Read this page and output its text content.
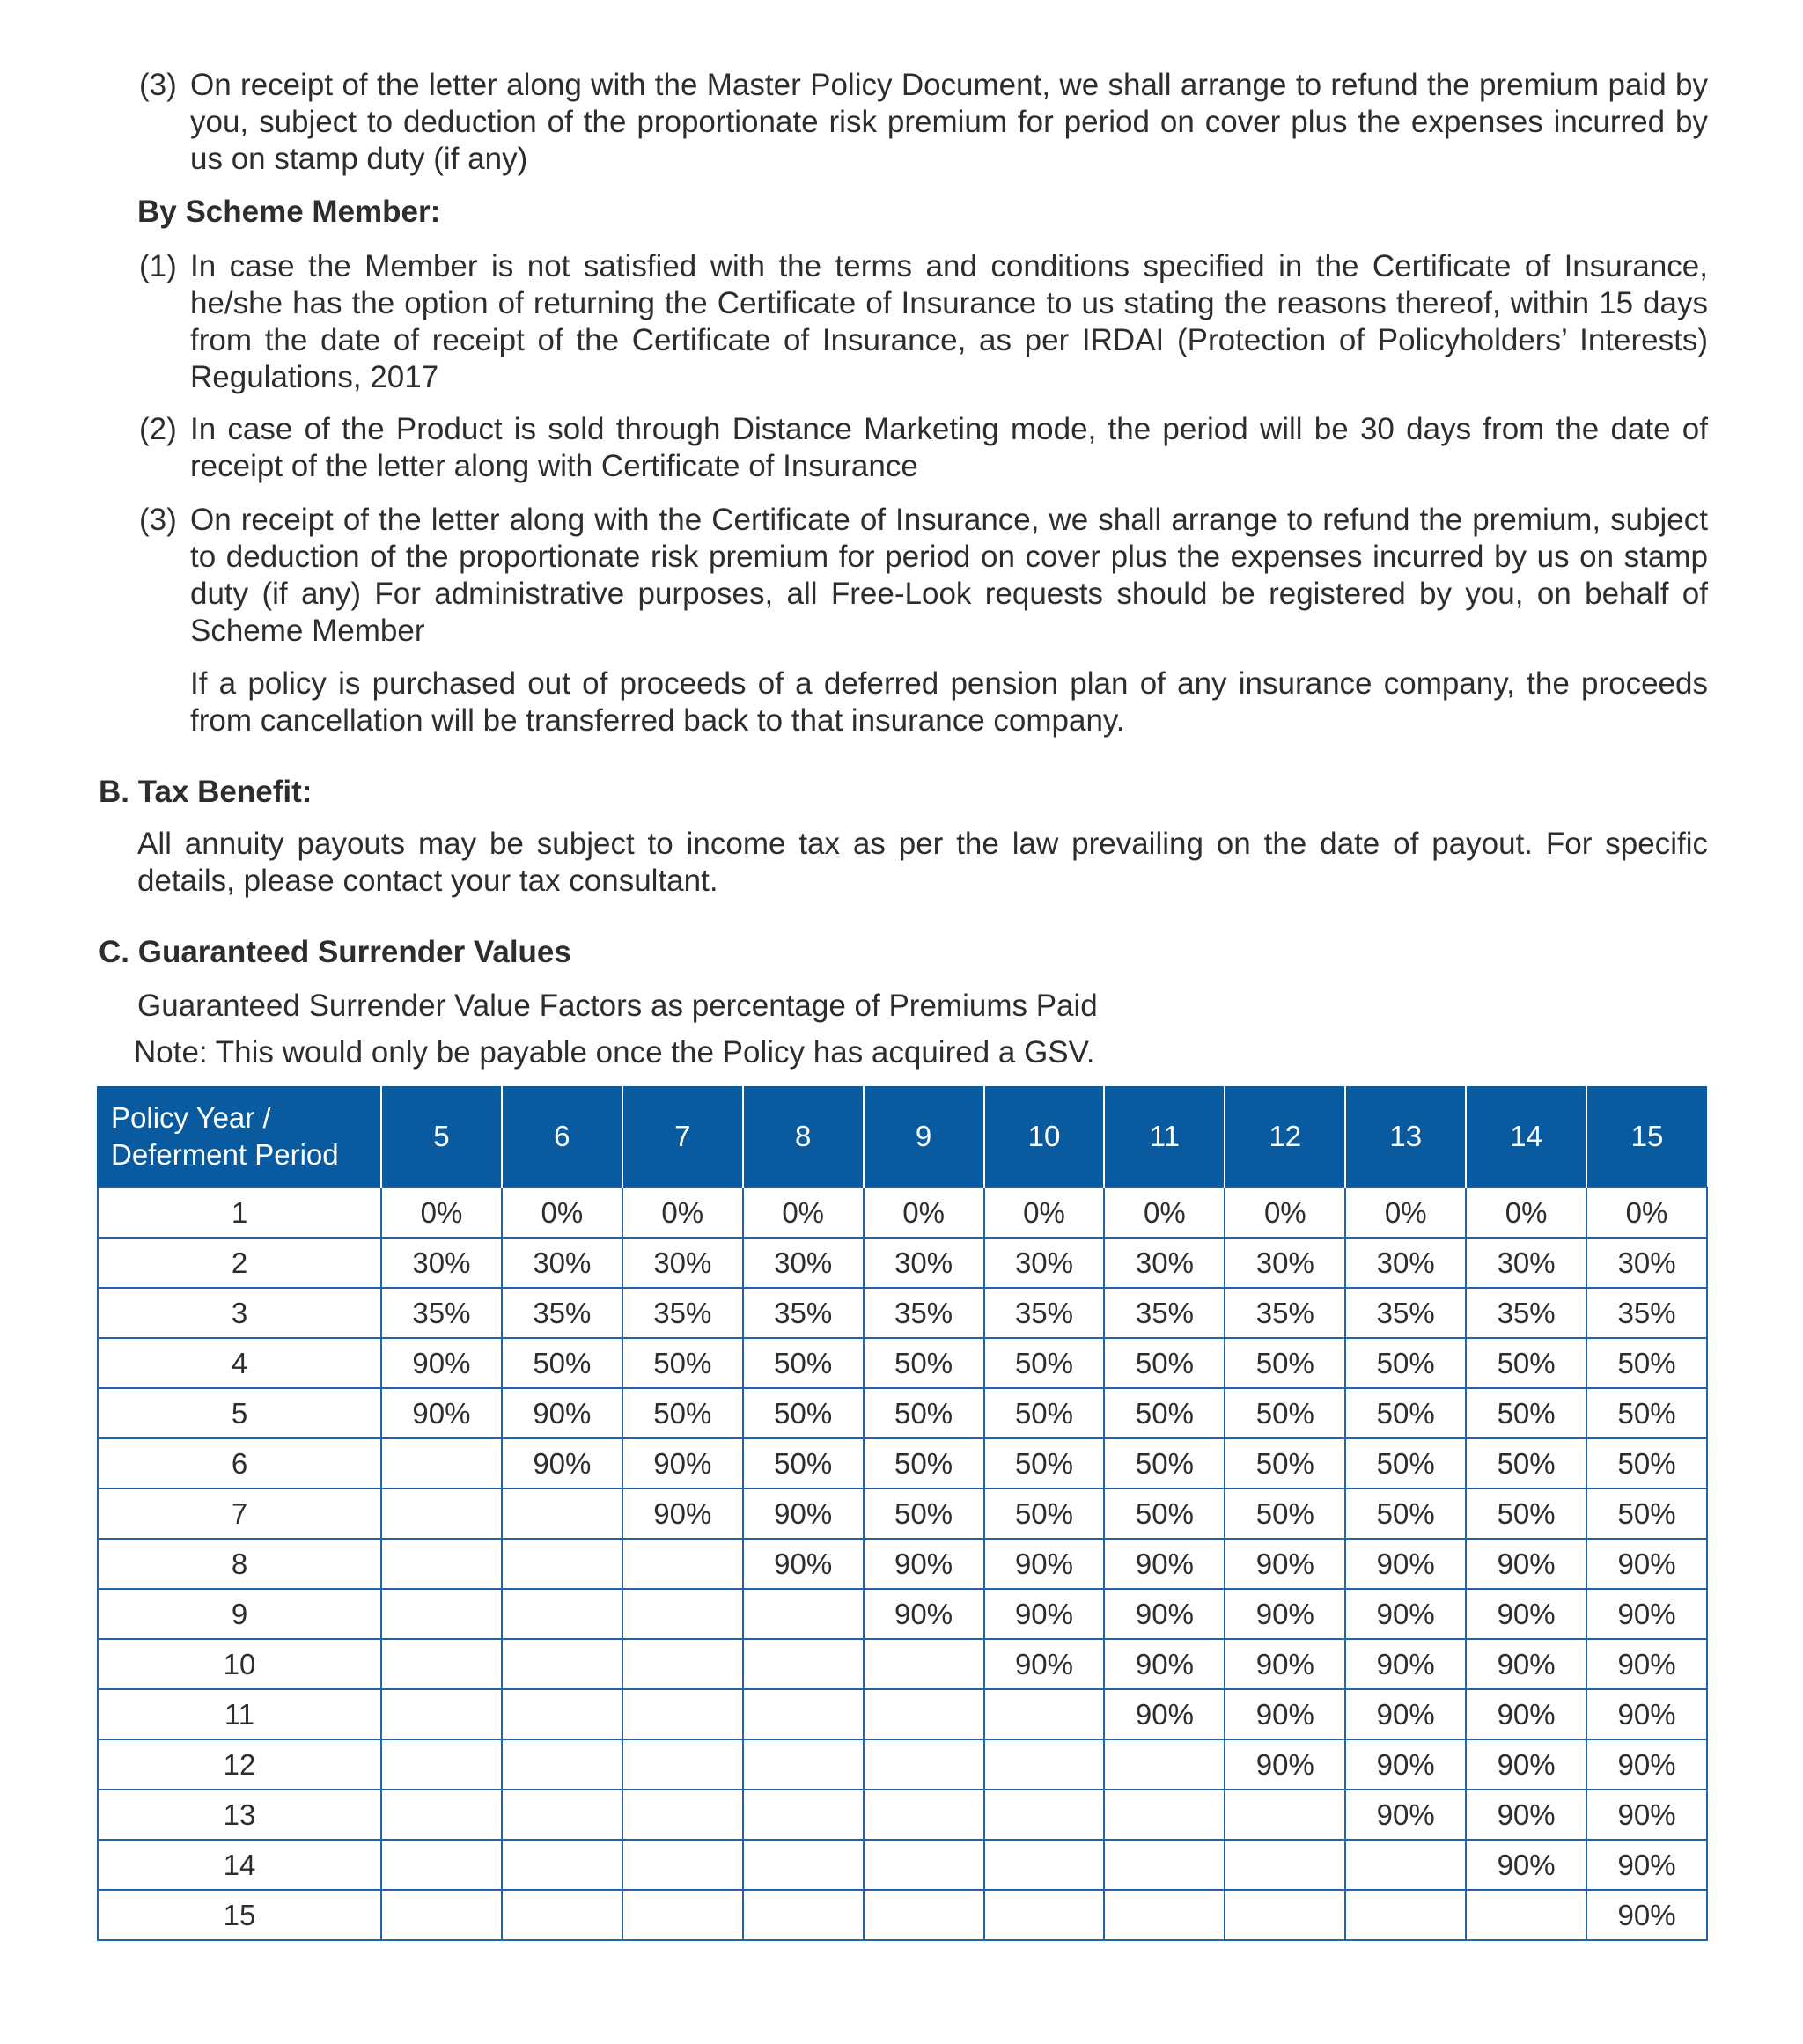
(3) On receipt of the letter along with the Master Policy Document, we shall arrange to refund the premium paid by you, subject to deduction of the proportionate risk premium for period on cover plus the expenses incurred by us on stamp duty (if any)
By Scheme Member:
(1) In case the Member is not satisfied with the terms and conditions specified in the Certificate of Insurance, he/she has the option of returning the Certificate of Insurance to us stating the reasons thereof, within 15 days from the date of receipt of the Certificate of Insurance, as per IRDAI (Protection of Policyholders’ Interests) Regulations, 2017
(2) In case of the Product is sold through Distance Marketing mode, the period will be 30 days from the date of receipt of the letter along with Certificate of Insurance
(3) On receipt of the letter along with the Certificate of Insurance, we shall arrange to refund the premium, subject to deduction of the proportionate risk premium for period on cover plus the expenses incurred by us on stamp duty (if any) For administrative purposes, all Free-Look requests should be registered by you, on behalf of Scheme Member
If a policy is purchased out of proceeds of a deferred pension plan of any insurance company, the proceeds from cancellation will be transferred back to that insurance company.
B. Tax Benefit:
All annuity payouts may be subject to income tax as per the law prevailing on the date of payout. For specific details, please contact your tax consultant.
C. Guaranteed Surrender Values
Guaranteed Surrender Value Factors as percentage of Premiums Paid
Note: This would only be payable once the Policy has acquired a GSV.
Policy Year /
Deferment Period	5	6	7	8	9	10	11	12	13	14	15
1	0%	0%	0%	0%	0%	0%	0%	0%	0%	0%	0%
2	30%	30%	30%	30%	30%	30%	30%	30%	30%	30%	30%
3	35%	35%	35%	35%	35%	35%	35%	35%	35%	35%	35%
4	90%	50%	50%	50%	50%	50%	50%	50%	50%	50%	50%
5	90%	90%	50%	50%	50%	50%	50%	50%	50%	50%	50%
6		90%	90%	50%	50%	50%	50%	50%	50%	50%	50%
7			90%	90%	50%	50%	50%	50%	50%	50%	50%
8				90%	90%	90%	90%	90%	90%	90%	90%
9					90%	90%	90%	90%	90%	90%	90%
10						90%	90%	90%	90%	90%	90%
11							90%	90%	90%	90%	90%
12								90%	90%	90%	90%
13									90%	90%	90%
14										90%	90%
15											90%
